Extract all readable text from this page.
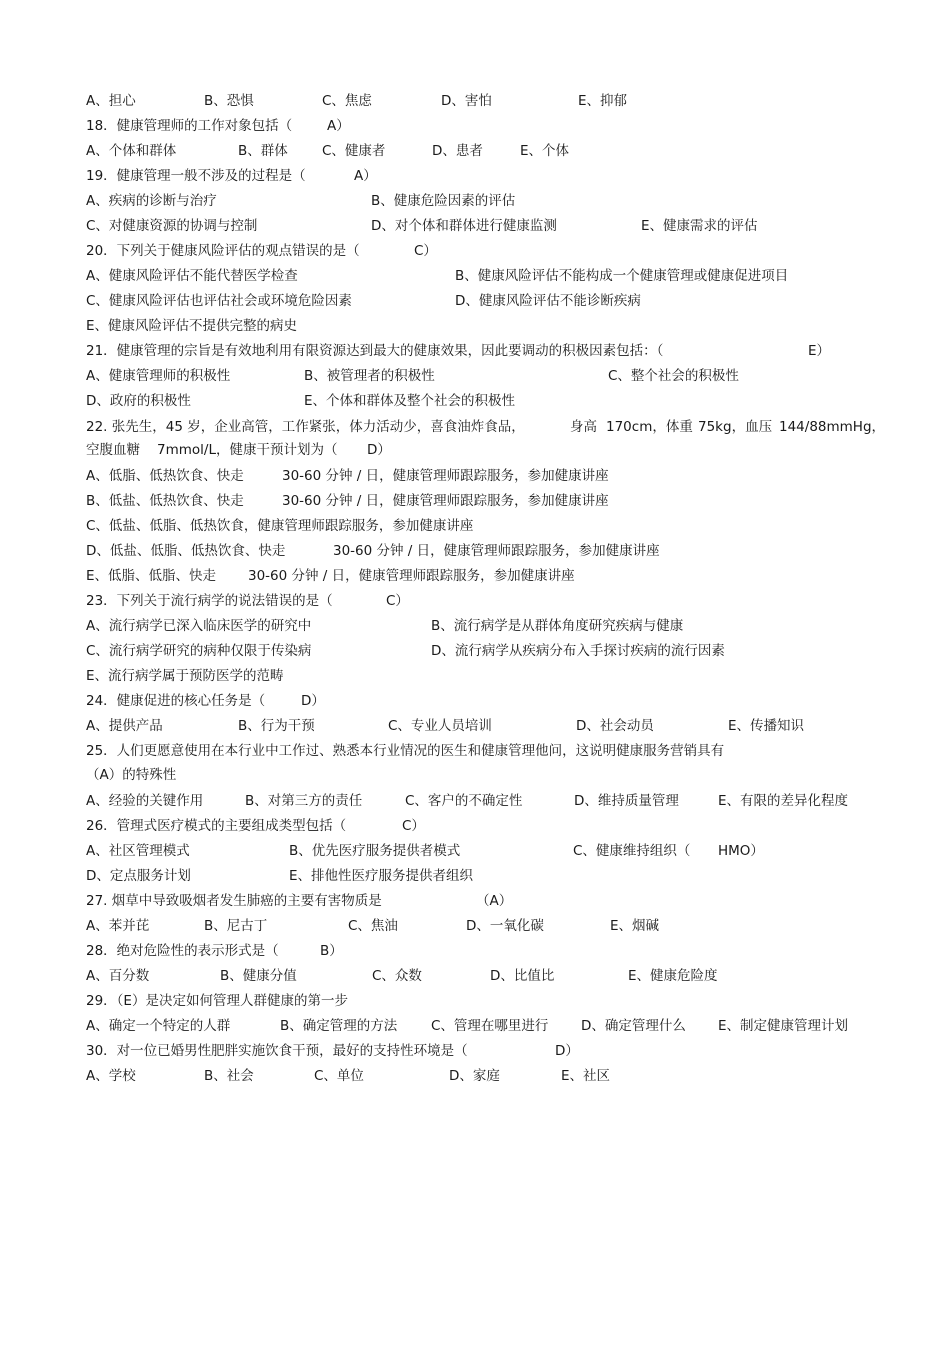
A、担心	B、恐惧	C、焦虑	D、害怕	E、抑郁
18．健康管理师的工作对象包括（	A）
A、个体和群体	B、群体	C、健康者	D、患者	E、个体
19．健康管理一般不涉及的过程是（	A）
A、疾病的诊断与治疗	B、健康危险因素的评估
C、对健康资源的协调与控制	D、对个体和群体进行健康监测	E、健康需求的评估
20．下列关于健康风险评估的观点错误的是（	C）
A、健康风险评估不能代替医学检查	B、健康风险评估不能构成一个健康管理或健康促进项目
C、健康风险评估也评估社会或环境危险因素	D、健康风险评估不能诊断疾病
E、健康风险评估不提供完整的病史
21．健康管理的宗旨是有效地利用有限资源达到最大的健康效果，因此要调动的积极因素包括：（	E）
A、健康管理师的积极性	B、被管理者的积极性	C、整个社会的积极性
D、政府的积极性	E、个体和群体及整个社会的积极性
22. 张先生，45 岁，企业高管，工作紧张，体力活动少，喜食油炸食品，	身高 170cm，体重 75kg，血压 144/88mmHg，
空腹血糖 7mmol/L，健康干预计划为（ D）
A、低脂、低热饮食、快走	30-60 分钟 / 日，健康管理师跟踪服务，参加健康讲座
B、低盐、低热饮食、快走	30-60 分钟 / 日，健康管理师跟踪服务，参加健康讲座
C、低盐、低脂、低热饮食，健康管理师跟踪服务，参加健康讲座
D、低盐、低脂、低热饮食、快走	30-60 分钟 / 日，健康管理师跟踪服务，参加健康讲座
E、低脂、低脂、快走 30-60 分钟 / 日，健康管理师跟踪服务，参加健康讲座
23．下列关于流行病学的说法错误的是（	C）
A、流行病学已深入临床医学的研究中	B、流行病学是从群体角度研究疾病与健康
C、流行病学研究的病种仅限于传染病	D、流行病学从疾病分布入手探讨疾病的流行因素
E、流行病学属于预防医学的范畴
24．健康促进的核心任务是（	D）
A、提供产品	B、行为干预	C、专业人员培训	D、社会动员	E、传播知识
25．人们更愿意使用在本行业中工作过、熟悉本行业情况的医生和健康管理他问，这说明健康服务营销具有
（A）的特殊性
A、经验的关键作用	B、对第三方的责任	C、客户的不确定性	D、维持质量管理	E、有限的差异化程度
26．管理式医疗模式的主要组成类型包括（	C）
A、社区管理模式	B、优先医疗服务提供者模式	C、健康维持组织（ HMO）
D、定点服务计划	E、排他性医疗服务提供者组织
27. 烟草中导致吸烟者发生肺癌的主要有害物质是	（A）
A、苯并芘	B、尼古丁	C、焦油	D、一氧化碳	E、烟碱
28．绝对危险性的表示形式是（	B）
A、百分数	B、健康分值	C、众数	D、比值比	E、健康危险度
29．（E）是决定如何管理人群健康的第一步
A、确定一个特定的人群	B、确定管理的方法 C、管理在哪里进行 D、确定管理什么 E、制定健康管理计划
30．对一位已婚男性肥胖实施饮食干预，最好的支持性环境是（	D）
A、学校	B、社会	C、单位	D、家庭	E、社区
